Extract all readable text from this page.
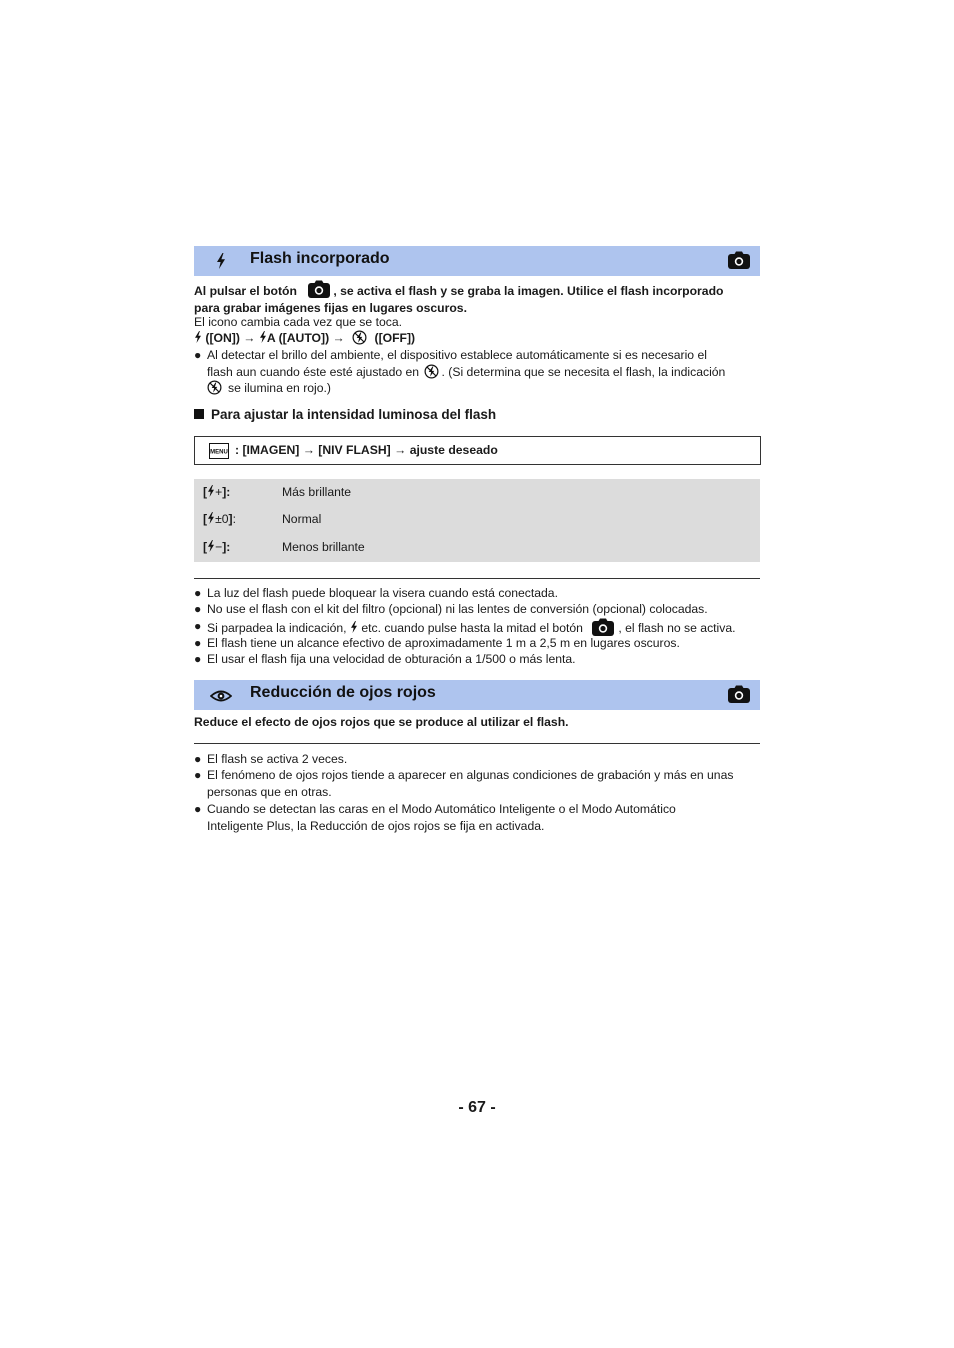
Flash incorporado
Al pulsar el botón	, se activa el flash y se graba la imagen. Utilice el flash incorporado
para grabar imágenes fijas en lugares oscuros.
El icono cambia cada vez que se toca.
([ON]) → A ([AUTO]) → ([OFF])
● Al detectar el brillo del ambiente, el dispositivo establece automáticamente si es necesario el
flash aun cuando éste esté ajustado en . (Si determina que se necesita el flash, la indicación
se ilumina en rojo.)
Para ajustar la intensidad luminosa del flash
MENU : [IMAGEN] → [NIV FLASH] → ajuste deseado
[ +]:	Más brillante
[ ±0]:	Normal
[ −]:	Menos brillante
● La luz del flash puede bloquear la visera cuando está conectada.
● No use el flash con el kit del filtro (opcional) ni las lentes de conversión (opcional) colocadas.
● Si parpadea la indicación, etc. cuando pulse hasta la mitad el botón	, el flash no se activa.
● El flash tiene un alcance efectivo de aproximadamente 1 m a 2,5 m en lugares oscuros.
● El usar el flash fija una velocidad de obturación a 1/500 o más lenta.
Reducción de ojos rojos
Reduce el efecto de ojos rojos que se produce al utilizar el flash.
● El flash se activa 2 veces.
● El fenómeno de ojos rojos tiende a aparecer en algunas condiciones de grabación y más en unas
personas que en otras.
● Cuando se detectan las caras en el Modo Automático Inteligente o el Modo Automático
Inteligente Plus, la Reducción de ojos rojos se fija en activada.
- 67 -
